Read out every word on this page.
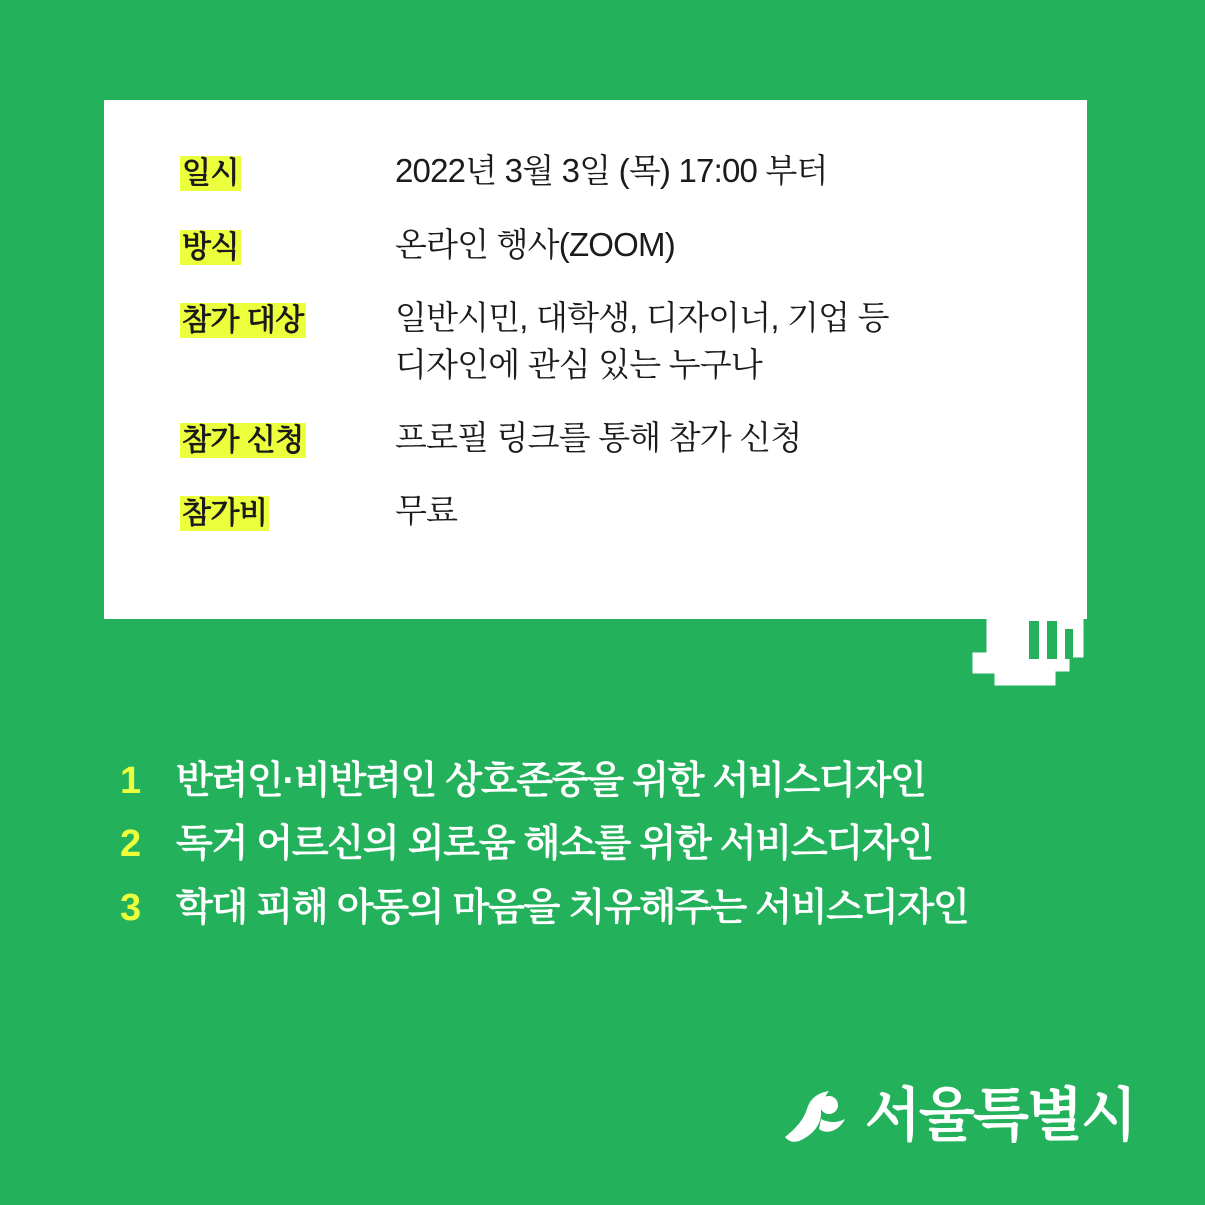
일시	2022년 3월 3일 (목) 17:00 부터
방식	온라인 행사(ZOOM)
참가 대상	일반시민, 대학생, 디자이너, 기업 등
디자인에 관심 있는 누구나
참가 신청	프로필 링크를 통해 참가 신청
참가비	무료
1 반려인·비반려인 상호존중을 위한 서비스디자인
2 독거 어르신의 외로움 해소를 위한 서비스디자인
3 학대 피해 아동의 마음을 치유해주는 서비스디자인
서울특별시
